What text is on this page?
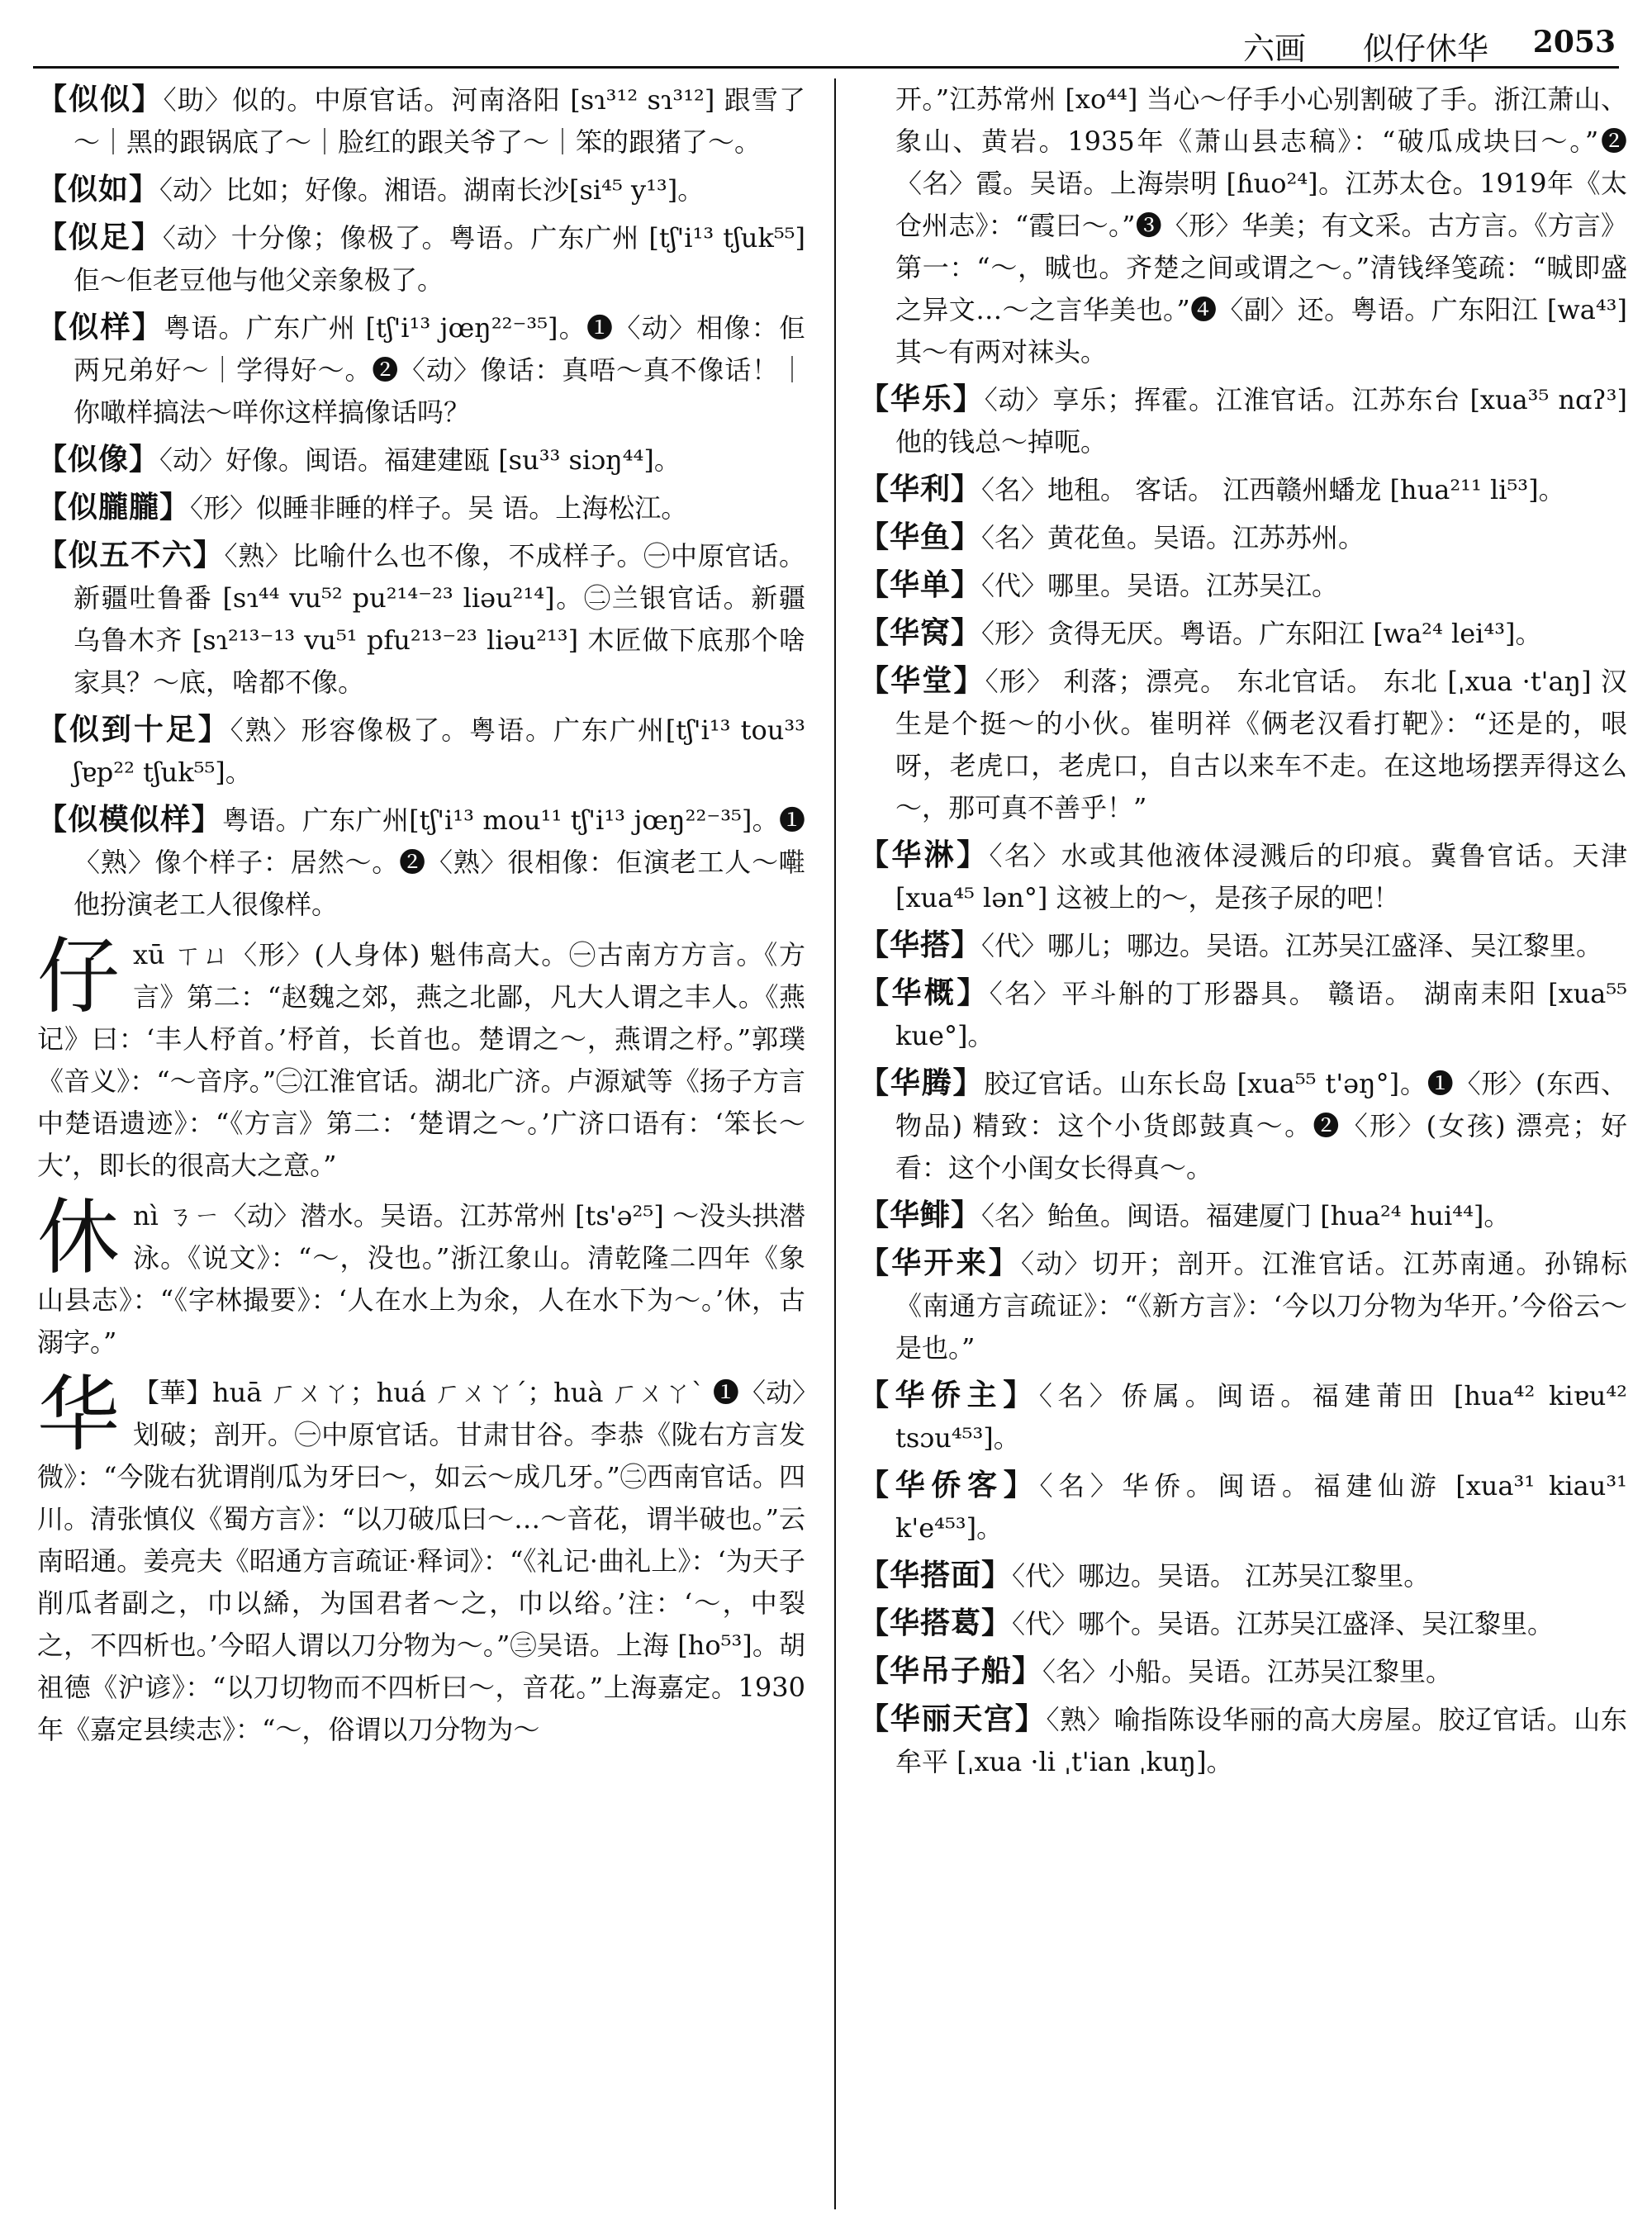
六画 似仔休华 2053

【似似】〈助〉似的。中原官话。河南洛阳 [sɿ³¹² sɿ³¹²] 跟雪了～｜黑的跟锅底了～｜脸红的跟关爷了～｜笨的跟猪了～。

【似如】〈动〉比如；好像。湘语。湖南长沙[si⁴⁵ y¹³]。

【似足】〈动〉十分像；像极了。粤语。广东广州 [tʃ'i¹³ tʃuk⁵⁵]佢～佢老豆他与他父亲象极了。

【似样】粤语。广东广州 [tʃ'i¹³ jœŋ²²⁻³⁵]。❶〈动〉相像：佢两兄弟好～｜学得好～。❷〈动〉像话：真唔～真不像话！｜你噉样搞法～咩你这样搞像话吗？

【似像】〈动〉好像。闽语。福建建瓯 [su³³ siɔŋ⁴⁴]。

【似朧朧】〈形〉似睡非睡的样子。吴 语。上海松江。

【似五不六】〈熟〉比喻什么也不像，不成样子。㊀中原官话。新疆吐鲁番 [sɿ⁴⁴ vu⁵² pu²¹⁴⁻²³ liəu²¹⁴]。㊁兰银官话。新疆乌鲁木齐 [sɿ²¹³⁻¹³ vu⁵¹ pfu²¹³⁻²³ liəu²¹³] 木匠做下底那个啥家具？～底，啥都不像。

【似到十足】〈熟〉形容像极了。粤语。广东广州[tʃ'i¹³ tou³³ ʃɐp²² tʃuk⁵⁵]。

【似模似样】粤语。广东广州[tʃ'i¹³ mou¹¹ tʃ'i¹³ jœŋ²²⁻³⁵]。❶〈熟〉像个样子：居然～。❷〈熟〉很相像：佢演老工人～嚡他扮演老工人很像样。

仔xū ㄒㄩ〈形〉(人身体) 魁伟高大。㊀古南方方言。《方言》第二：“赵魏之郊，燕之北鄙，凡大人谓之丰人。《燕记》曰：‘丰人杼首。’杼首，长首也。楚谓之～，燕谓之杼。”郭璞《音义》：“～音序。”㊁江淮官话。湖北广济。卢源斌等《扬子方言中楚语遗迹》：“《方言》第二：‘楚谓之～。’广济口语有：‘笨长～大’，即长的很高大之意。”
休nì ㄋㄧ〈动〉潜水。吴语。江苏常州 [ts'ə²⁵] ～没头拱潜泳。《说文》：“～，没也。”浙江象山。清乾隆二四年《象山县志》：“《字林撮要》：‘人在水上为氽，人在水下为～。’休，古溺字。”
华 【華】huā ㄏㄨㄚ；huá ㄏㄨㄚˊ；huà ㄏㄨㄚˋ ❶〈动〉划破；剖开。㊀中原官话。甘肃甘谷。李恭《陇右方言发微》：“今陇右犹谓削瓜为牙曰～，如云～成几牙。”㊁西南官话。四川。清张慎仪《蜀方言》：“以刀破瓜曰～…～音花，谓半破也。”云南昭通。姜亮夫《昭通方言疏证·释词》：“《礼记·曲礼上》：‘为天子削瓜者副之，巾以絺，为国君者～之，巾以绤。’注：‘～，中裂之，不四析也。’今昭人谓以刀分物为～。”㊂吴语。上海 [ho⁵³]。胡祖德《沪谚》：“以刀切物而不四析曰～，音花。”上海嘉定。1930年《嘉定县续志》：“～，俗谓以刀分物为～

开。”江苏常州 [xo⁴⁴] 当心～仔手小心别割破了手。浙江萧山、象山、黄岩。1935年《萧山县志稿》：“破瓜成块曰～。”❷〈名〉霞。吴语。上海崇明 [ɦuo²⁴]。江苏太仓。1919年《太仓州志》：“霞曰～。”❸〈形〉华美；有文采。古方言。《方言》第一：“～，晠也。齐楚之间或谓之～。”清钱绎笺疏：“晠即盛之异文…～之言华美也。”❹〈副〉还。粤语。广东阳江 [wa⁴³] 其～有两对袜头。

【华乐】〈动〉享乐；挥霍。江淮官话。江苏东台 [xua³⁵ nɑʔ³] 他的钱总～掉呃。

【华利】〈名〉地租。 客话。 江西赣州蟠龙 [hua²¹¹ li⁵³]。

【华鱼】〈名〉黄花鱼。吴语。江苏苏州。

【华单】〈代〉哪里。吴语。江苏吴江。

【华窝】〈形〉贪得无厌。粤语。广东阳江 [wa²⁴ lei⁴³]。

【华堂】〈形〉 利落；漂亮。 东北官话。 东北 [ˌxua ·t'aŋ] 汉生是个挺～的小伙。崔明祥《俩老汉看打靶》：“还是的，哏呀，老虎口，老虎口，自古以来车不走。在这地场摆弄得这么～，那可真不善乎！”

【华淋】〈名〉水或其他液体浸溅后的印痕。冀鲁官话。天津 [xua⁴⁵ lən°] 这被上的～，是孩子尿的吧！

【华搭】〈代〉哪儿；哪边。吴语。江苏吴江盛泽、吴江黎里。

【华概】〈名〉平斗斛的丁形器具。 赣语。 湖南耒阳 [xua⁵⁵ kue°]。

【华腾】胶辽官话。山东长岛 [xua⁵⁵ t'əŋ°]。❶〈形〉(东西、物品) 精致：这个小货郎鼓真～。❷〈形〉(女孩) 漂亮；好看：这个小闺女长得真～。

【华鲱】〈名〉鲐鱼。闽语。福建厦门 [hua²⁴ hui⁴⁴]。

【华开来】〈动〉切开；剖开。江淮官话。江苏南通。孙锦标《南通方言疏证》：“《新方言》：‘今以刀分物为华开。’今俗云～是也。”

【华侨主】〈名〉侨属。闽语。福建莆田 [hua⁴² kiɐu⁴² tsɔu⁴⁵³]。

【华侨客】〈名〉华侨。闽语。福建仙游 [xua³¹ kiau³¹ k'e⁴⁵³]。

【华搭面】〈代〉哪边。吴语。 江苏吴江黎里。

【华搭葛】〈代〉哪个。吴语。江苏吴江盛泽、吴江黎里。

【华吊子船】〈名〉小船。吴语。江苏吴江黎里。

【华丽天宫】〈熟〉喻指陈设华丽的高大房屋。胶辽官话。山东牟平 [ˌxua ·li ˌt'ian ˌkuŋ]。
